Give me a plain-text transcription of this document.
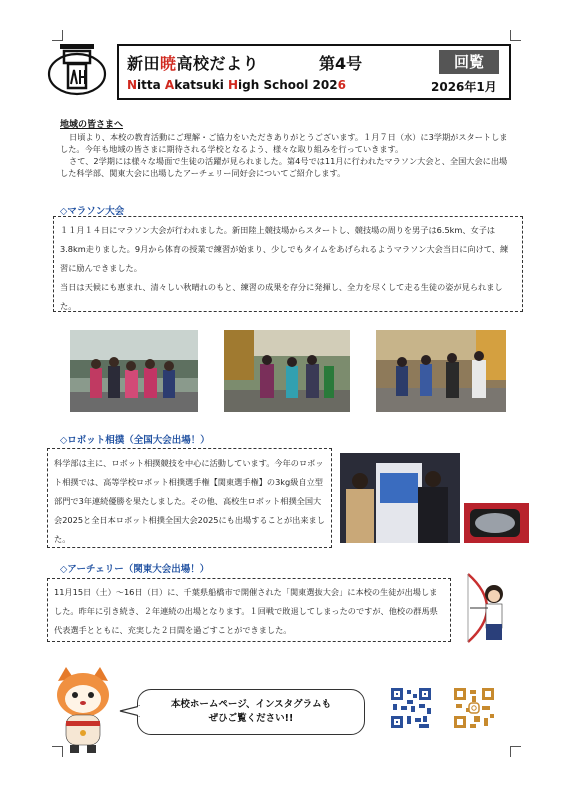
新田暁高校だより	第4号	回覧
Nitta Akatsuki High School 2026	2026年1月
地域の皆さまへ

日頃より、本校の教育活動にご理解・ご協力をいただきありがとうございます。１月７日（水）に3学期がスタートしました。今年も地域の皆さまに期待される学校となるよう、様々な取り組みを行っていきます。

さて、2学期には様々な場面で生徒の活躍が見られました。第4号では11月に行われたマラソン大会と、全国大会に出場した科学部、関東大会に出場したアーチェリー同好会についてご紹介します。

◇マラソン大会

１１月１４日にマラソン大会が行われました。新田陸上競技場からスタートし、競技場の周りを男子は6.5km、女子は3.8km走りました。9月から体育の授業で練習が始まり、少しでもタイムをあげられるようマラソン大会当日に向けて、練習に励んできました。

当日は天候にも恵まれ、清々しい秋晴れのもと、練習の成果を存分に発揮し、全力を尽くして走る生徒の姿が見られました。

◇ロボット相撲（全国大会出場！）

科学部は主に、ロボット相撲競技を中心に活動しています。今年のロボット相撲では、高等学校ロボット相撲選手権【関東選手権】の3kg級自立型部門で3年連続優勝を果たしました。その他、高校生ロボット相撲全国大会2025と全日本ロボット相撲全国大会2025にも出場することが出来ました。

◇アーチェリー（関東大会出場！）

11月15日（土）～16日（日）に、千葉県船橋市で開催された「関東選抜大会」に本校の生徒が出場しました。昨年に引き続き、２年連続の出場となります。１回戦で敗退してしまったのですが、他校の群馬県代表選手とともに、充実した２日間を過ごすことができました。

本校ホームページ、インスタグラムも
ぜひご覧ください!!
